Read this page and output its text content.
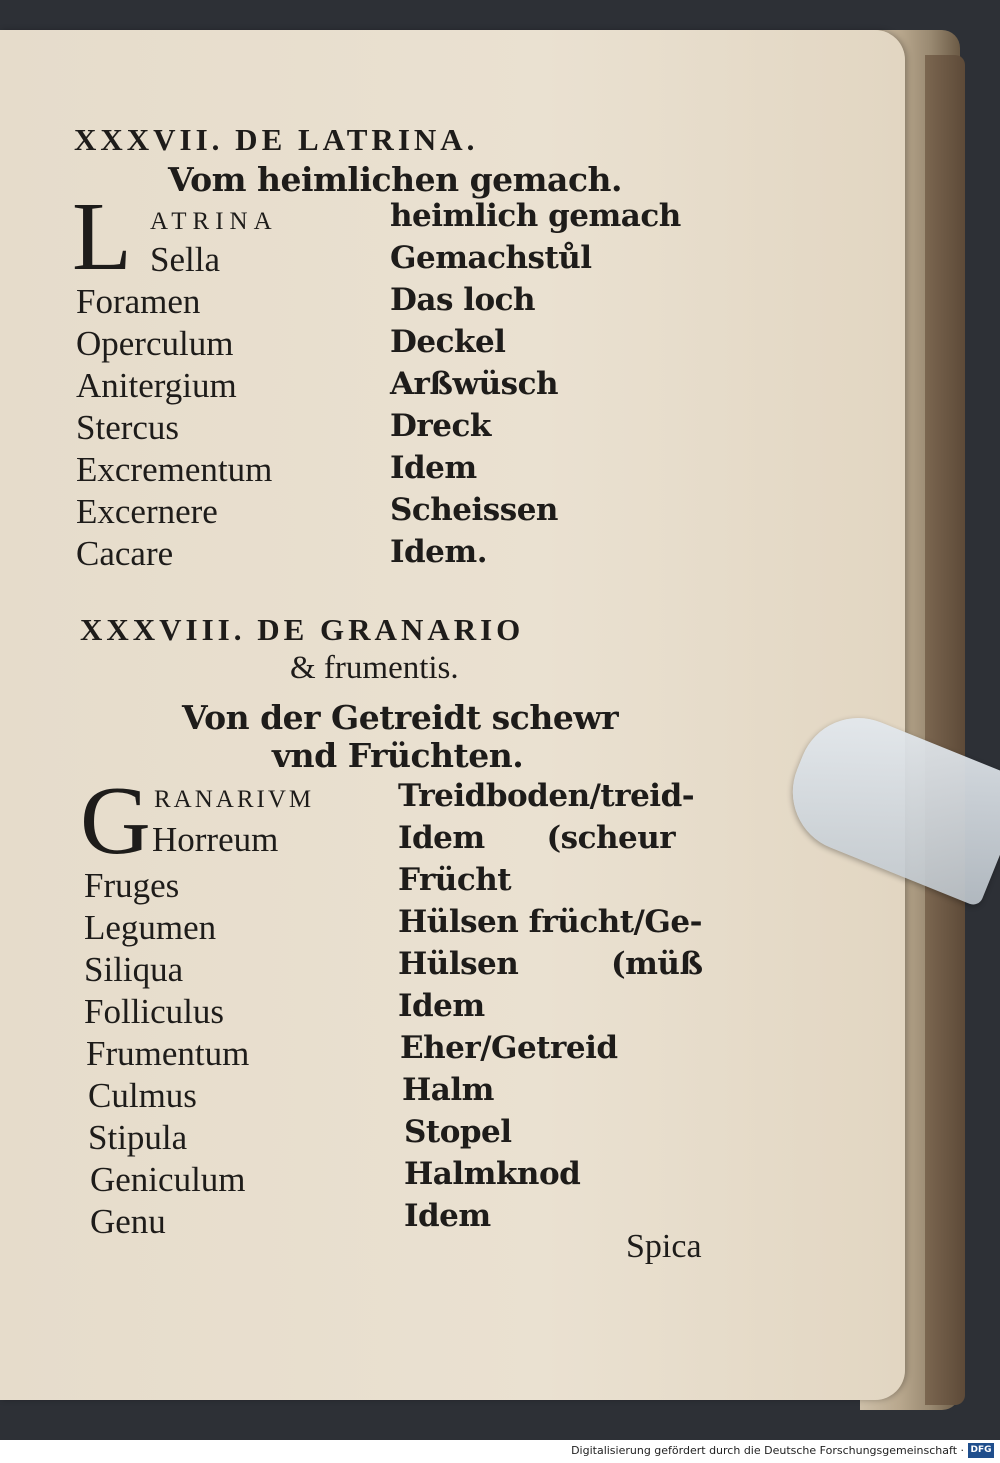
XXXVII. DE LATRINA.
Vom heimlichen gemach.
L ATRINA	heimlich gemach
Sella	Gemachstůl
Foramen	Das loch
Operculum	Deckel
Anitergium	Arßwüsch
Stercus	Dreck
Excrementum	Idem
Excernere	Scheissen
Cacare	Idem.
XXXVIII. DE GRANARIO
& frumentis.
Von der Getreidt schewr
vnd Früchten.
G RANARIVM	Treidboden/treid-
Horreum	Idem      (scheur
Fruges	Frücht
Legumen	Hülsen frücht/Ge-
Siliqua	Hülsen         (müß
Folliculus	Idem
Frumentum	Eher/Getreid
Culmus	Halm
Stipula	Stopel
Geniculum	Halmknod
Genu	Idem
Spica
Digitalisierung gefördert durch die Deutsche Forschungsgemeinschaft · DFG
